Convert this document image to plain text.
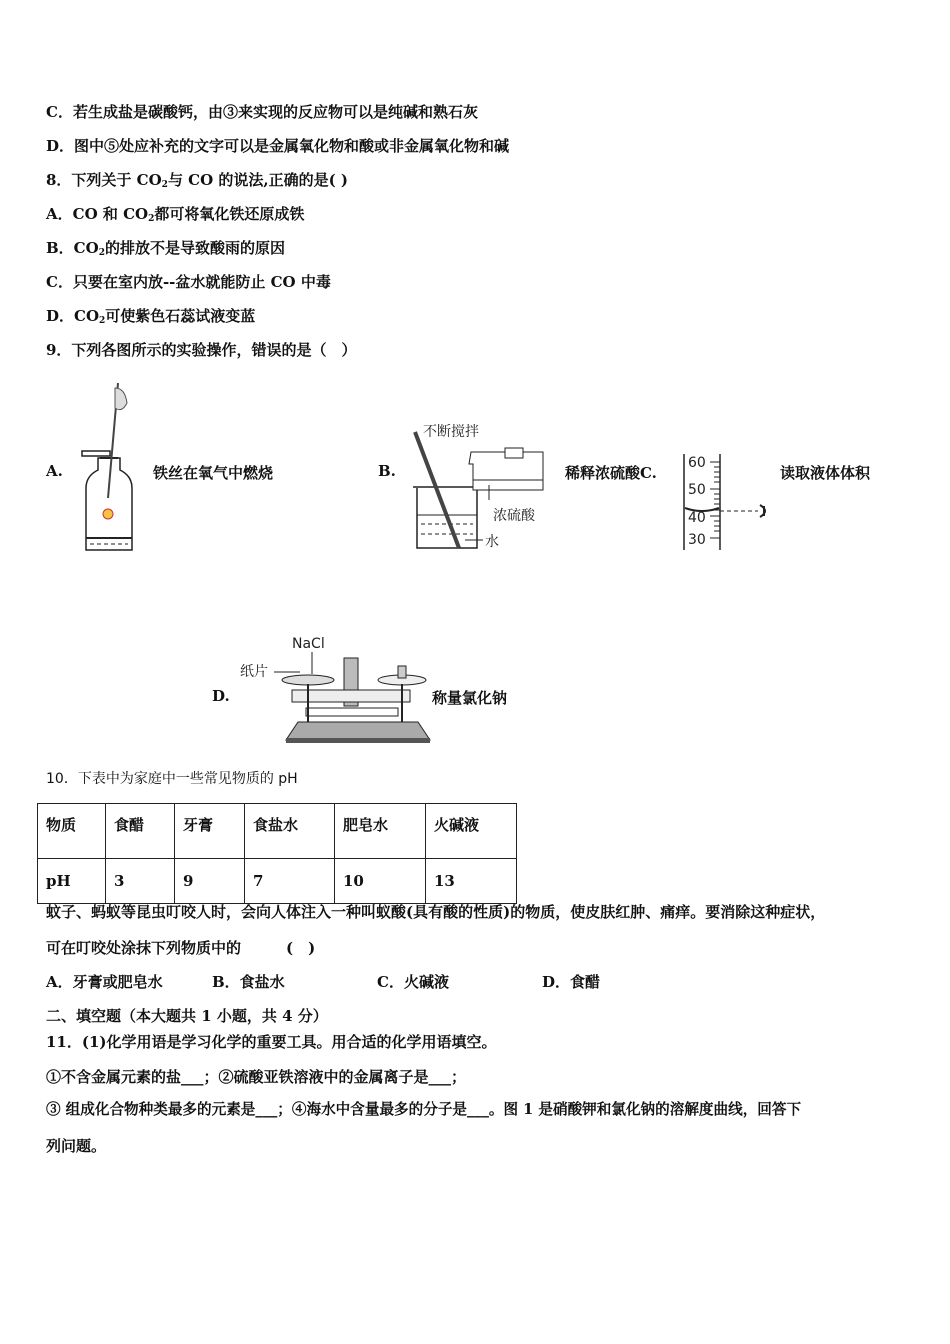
C．若生成盐是碳酸钙，由③来实现的反应物可以是纯碱和熟石灰
D．图中⑤处应补充的文字可以是金属氧化物和酸或非金属氧化物和碱
8．下列关于 $CO_2$与 CO 的说法,正确的是( )
A．CO 和 $CO_2$都可将氧化铁还原成铁
B．$CO_2$的排放不是导致酸雨的原因
C．只要在室内放--盆水就能防止 CO 中毒
D．$CO_2$可使紫色石蕊试液变蓝
9．下列各图所示的实验操作，错误的是（　）
A.	铁丝在氧气中燃烧	B.
不断搅拌
浓硫酸
水
稀释浓硫酸C.
60
50
40
30
读取液体体积
D.
NaCl
纸片
称量氯化钠
10．下表中为家庭中一些常见物质的 pH
物质	食醋	牙膏	食盐水	肥皂水	火碱液
pH	3	9	7	10	13
蚊子、蚂蚁等昆虫叮咬人时，会向人体注入一种叫蚁酸(具有酸的性质)的物质，使皮肤红肿、痛痒。要消除这种症状，
可在叮咬处涂抹下列物质中的　　　(　)
A．牙膏或肥皂水	B．食盐水	C．火碱液	D．食醋
二、填空题（本大题共 1 小题，共 4 分）
11．(1)化学用语是学习化学的重要工具。用合适的化学用语填空。
①不含金属元素的盐___；②硫酸亚铁溶液中的金属离子是___；
③ 组成化合物种类最多的元素是___；④海水中含量最多的分子是___。图 1 是硝酸钾和氯化钠的溶解度曲线，回答下
列问题。
